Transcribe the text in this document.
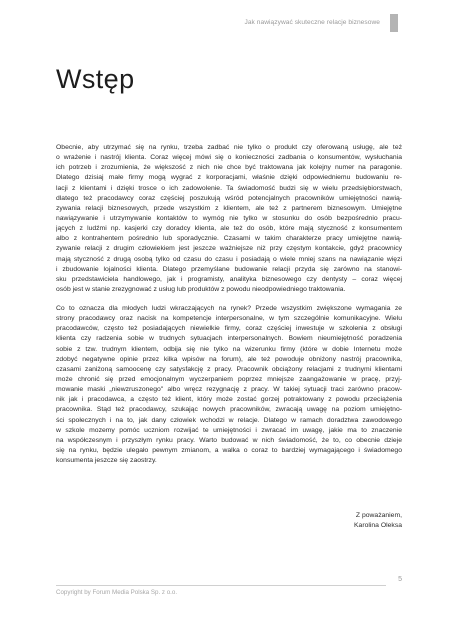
Jak nawiązywać skuteczne relacje biznesowe
Wstęp
Obecnie, aby utrzymać się na rynku, trzeba zadbać nie tylko o produkt czy oferowaną usługę, ale też
o wrażenie i nastrój klienta. Coraz więcej mówi się o konieczności zadbania o konsumentów, wysłuchania
ich potrzeb i zrozumienia, że większość z nich nie chce być traktowana jak kolejny numer na paragonie.
Dlatego dzisiaj małe firmy mogą wygrać z korporacjami, właśnie dzięki odpowiedniemu budowaniu re-
lacji z klientami i dzięki trosce o ich zadowolenie. Ta świadomość budzi się w wielu przedsiębiorstwach,
dlatego też pracodawcy coraz częściej poszukują wśród potencjalnych pracowników umiejętności nawią-
zywania relacji biznesowych, przede wszystkim z klientem, ale też z partnerem biznesowym. Umiejętne
nawiązywanie i utrzymywanie kontaktów to wymóg nie tylko w stosunku do osób bezpośrednio pracu-
jących z ludźmi np. kasjerki czy doradcy klienta, ale też do osób, które mają styczność z konsumentem
albo z kontrahentem pośrednio lub sporadycznie. Czasami w takim charakterze pracy umiejętne nawią-
zywanie relacji z drugim człowiekiem jest jeszcze ważniejsze niż przy częstym kontakcie, gdyż pracownicy
mają styczność z drugą osobą tylko od czasu do czasu i posiadają o wiele mniej szans na nawiązanie więzi
i zbudowanie lojalności klienta. Dlatego przemyślane budowanie relacji przyda się zarówno na stanowi-
sku przedstawiciela handlowego, jak i programisty, analityka biznesowego czy dentysty – coraz więcej
osób jest w stanie zrezygnować z usług lub produktów z powodu nieodpowiedniego traktowania.
Co to oznacza dla młodych ludzi wkraczających na rynek? Przede wszystkim zwiększone wymagania ze
strony pracodawcy oraz nacisk na kompetencje interpersonalne, w tym szczególnie komunikacyjne. Wielu
pracodawców, często też posiadających niewielkie firmy, coraz częściej inwestuje w szkolenia z obsługi
klienta czy radzenia sobie w trudnych sytuacjach interpersonalnych. Bowiem nieumiejętność poradzenia
sobie z tzw. trudnym klientem, odbija się nie tylko na wizerunku firmy (które w dobie Internetu może
zdobyć negatywne opinie przez kilka wpisów na forum), ale też powoduje obniżony nastrój pracownika,
czasami zaniżoną samoocenę czy satysfakcję z pracy. Pracownik obciążony relacjami z trudnymi klientami
może chronić się przed emocjonalnym wyczerpaniem poprzez mniejsze zaangażowanie w pracę, przyj-
mowanie maski „niewzruszonego" albo wręcz rezygnację z pracy. W takiej sytuacji traci zarówno pracow-
nik jak i pracodawca, a często też klient, który może zostać gorzej potraktowany z powodu przeciążenia
pracownika. Stąd też pracodawcy, szukając nowych pracowników, zwracają uwagę na poziom umiejętno-
ści społecznych i na to, jak dany człowiek wchodzi w relacje. Dlatego w ramach doradztwa zawodowego
w szkole mozemy pomóc uczniom rozwijać te umiejętności i zwracać im uwagę, jakie ma to znaczenie
na współczesnym i przyszłym rynku pracy. Warto budować w nich świadomość, że to, co obecnie dzieje
się na rynku, będzie ulegało pewnym zmianom, a walka o coraz to bardziej wymagającego i świadomego
konsumenta jeszcze się zaostrzy.
Z poważaniem,
Karolina Oleksa
5
Copyright by Forum Media Polska Sp. z o.o.
